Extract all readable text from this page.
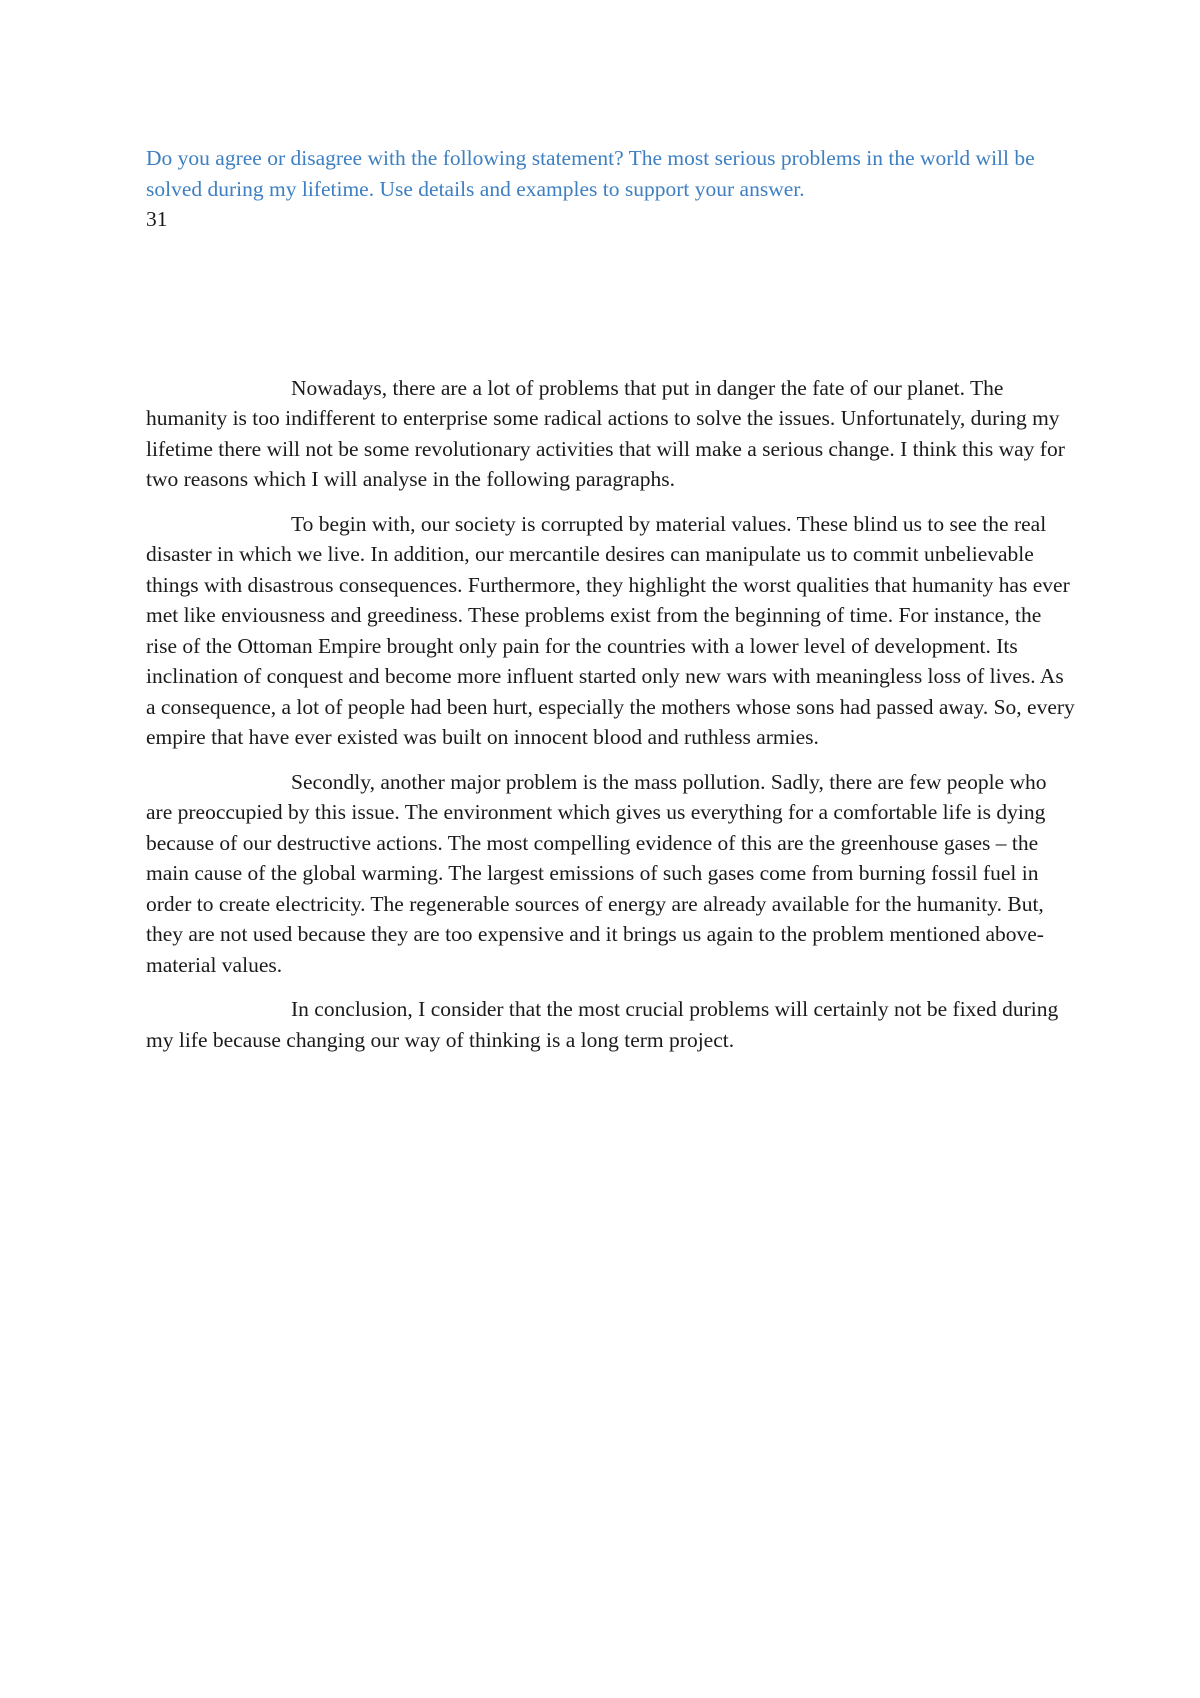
Do you agree or disagree with the following statement? The most serious problems in the world will be solved during my lifetime. Use details and examples to support your answer.

31

Nowadays, there are a lot of problems that put in danger the fate of our planet. The humanity is too indifferent to enterprise some radical actions to solve the issues. Unfortunately, during my lifetime there will not be some revolutionary activities that will make a serious change. I think this way for two reasons which I will analyse in the following paragraphs.

To begin with, our society is corrupted by material values. These blind us to see the real disaster in which we live. In addition, our mercantile desires can manipulate us to commit unbelievable things with disastrous consequences. Furthermore, they highlight the worst qualities that humanity has ever met like enviousness and greediness. These problems exist from the beginning of time. For instance, the rise of the Ottoman Empire brought only pain for the countries with a lower level of development. Its inclination of conquest and become more influent started only new wars with meaningless loss of lives. As a consequence, a lot of people had been hurt, especially the mothers whose sons had passed away. So, every empire that have ever existed was built on innocent blood and ruthless armies.

Secondly, another major problem is the mass pollution. Sadly, there are few people who are preoccupied by this issue. The environment which gives us everything for a comfortable life is dying because of our destructive actions. The most compelling evidence of this are the greenhouse gases – the main cause of the global warming. The largest emissions of such gases come from burning fossil fuel in order to create electricity. The regenerable sources of energy are already available for the humanity. But, they are not used because they are too expensive and it brings us again to the problem mentioned above-material values.

In conclusion, I consider that the most crucial problems will certainly not be fixed during my life because changing our way of thinking is a long term project.
